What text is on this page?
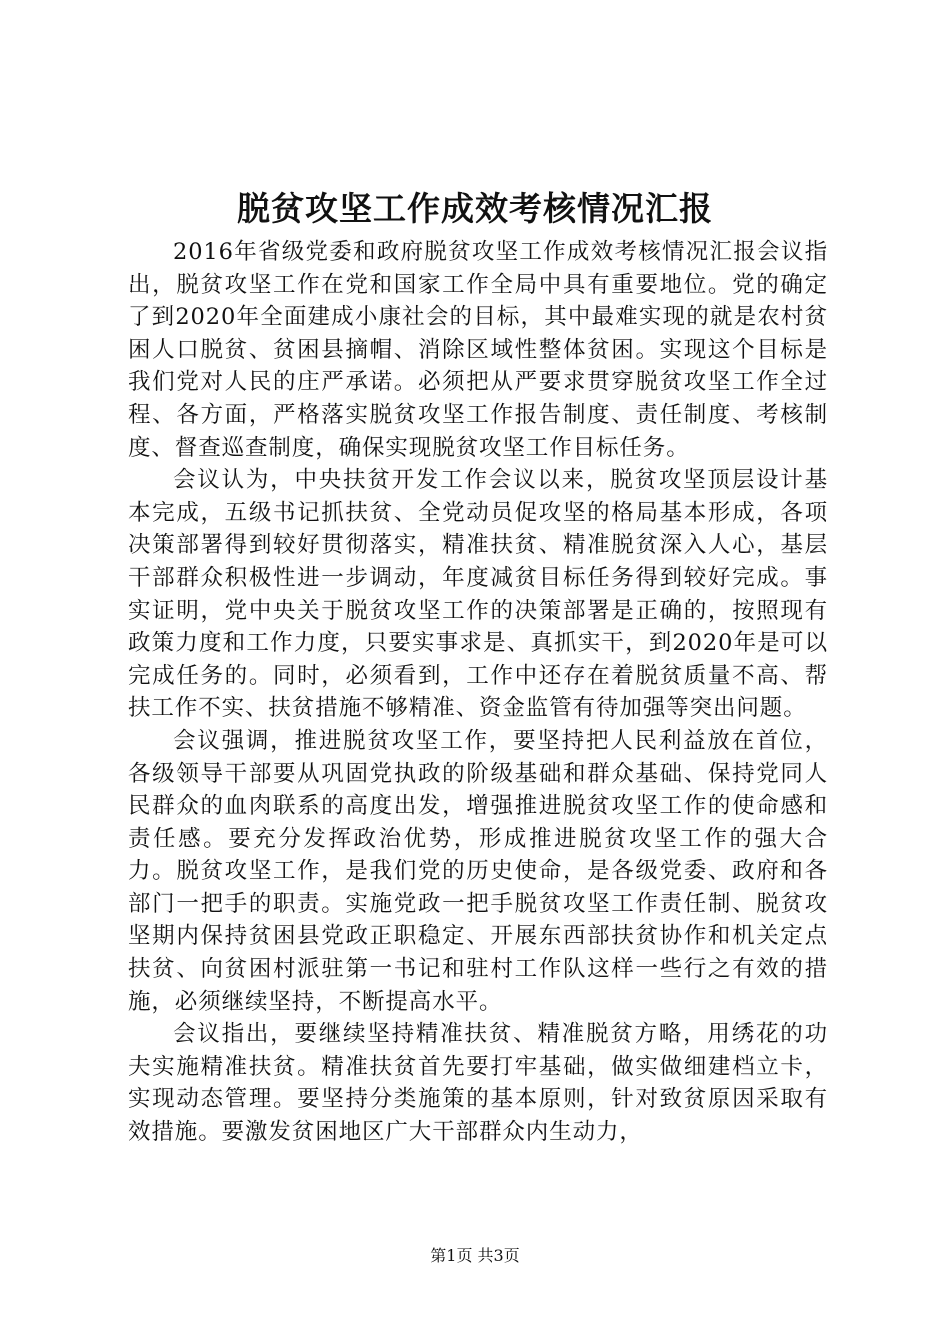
脱贫攻坚工作成效考核情况汇报

2016年省级党委和政府脱贫攻坚工作成效考核情况汇报会议指出，脱贫攻坚工作在党和国家工作全局中具有重要地位。党的确定了到2020年全面建成小康社会的目标，其中最难实现的就是农村贫困人口脱贫、贫困县摘帽、消除区域性整体贫困。实现这个目标是我们党对人民的庄严承诺。必须把从严要求贯穿脱贫攻坚工作全过程、各方面，严格落实脱贫攻坚工作报告制度、责任制度、考核制度、督查巡查制度，确保实现脱贫攻坚工作目标任务。

会议认为，中央扶贫开发工作会议以来，脱贫攻坚顶层设计基本完成，五级书记抓扶贫、全党动员促攻坚的格局基本形成，各项决策部署得到较好贯彻落实，精准扶贫、精准脱贫深入人心，基层干部群众积极性进一步调动，年度减贫目标任务得到较好完成。事实证明，党中央关于脱贫攻坚工作的决策部署是正确的，按照现有政策力度和工作力度，只要实事求是、真抓实干，到2020年是可以完成任务的。同时，必须看到，工作中还存在着脱贫质量不高、帮扶工作不实、扶贫措施不够精准、资金监管有待加强等突出问题。

会议强调，推进脱贫攻坚工作，要坚持把人民利益放在首位，各级领导干部要从巩固党执政的阶级基础和群众基础、保持党同人民群众的血肉联系的高度出发，增强推进脱贫攻坚工作的使命感和责任感。要充分发挥政治优势，形成推进脱贫攻坚工作的强大合力。脱贫攻坚工作，是我们党的历史使命，是各级党委、政府和各部门一把手的职责。实施党政一把手脱贫攻坚工作责任制、脱贫攻坚期内保持贫困县党政正职稳定、开展东西部扶贫协作和机关定点扶贫、向贫困村派驻第一书记和驻村工作队这样一些行之有效的措施，必须继续坚持，不断提高水平。

会议指出，要继续坚持精准扶贫、精准脱贫方略，用绣花的功夫实施精准扶贫。精准扶贫首先要打牢基础，做实做细建档立卡，实现动态管理。要坚持分类施策的基本原则，针对致贫原因采取有效措施。要激发贫困地区广大干部群众内生动力，

第1页 共3页
